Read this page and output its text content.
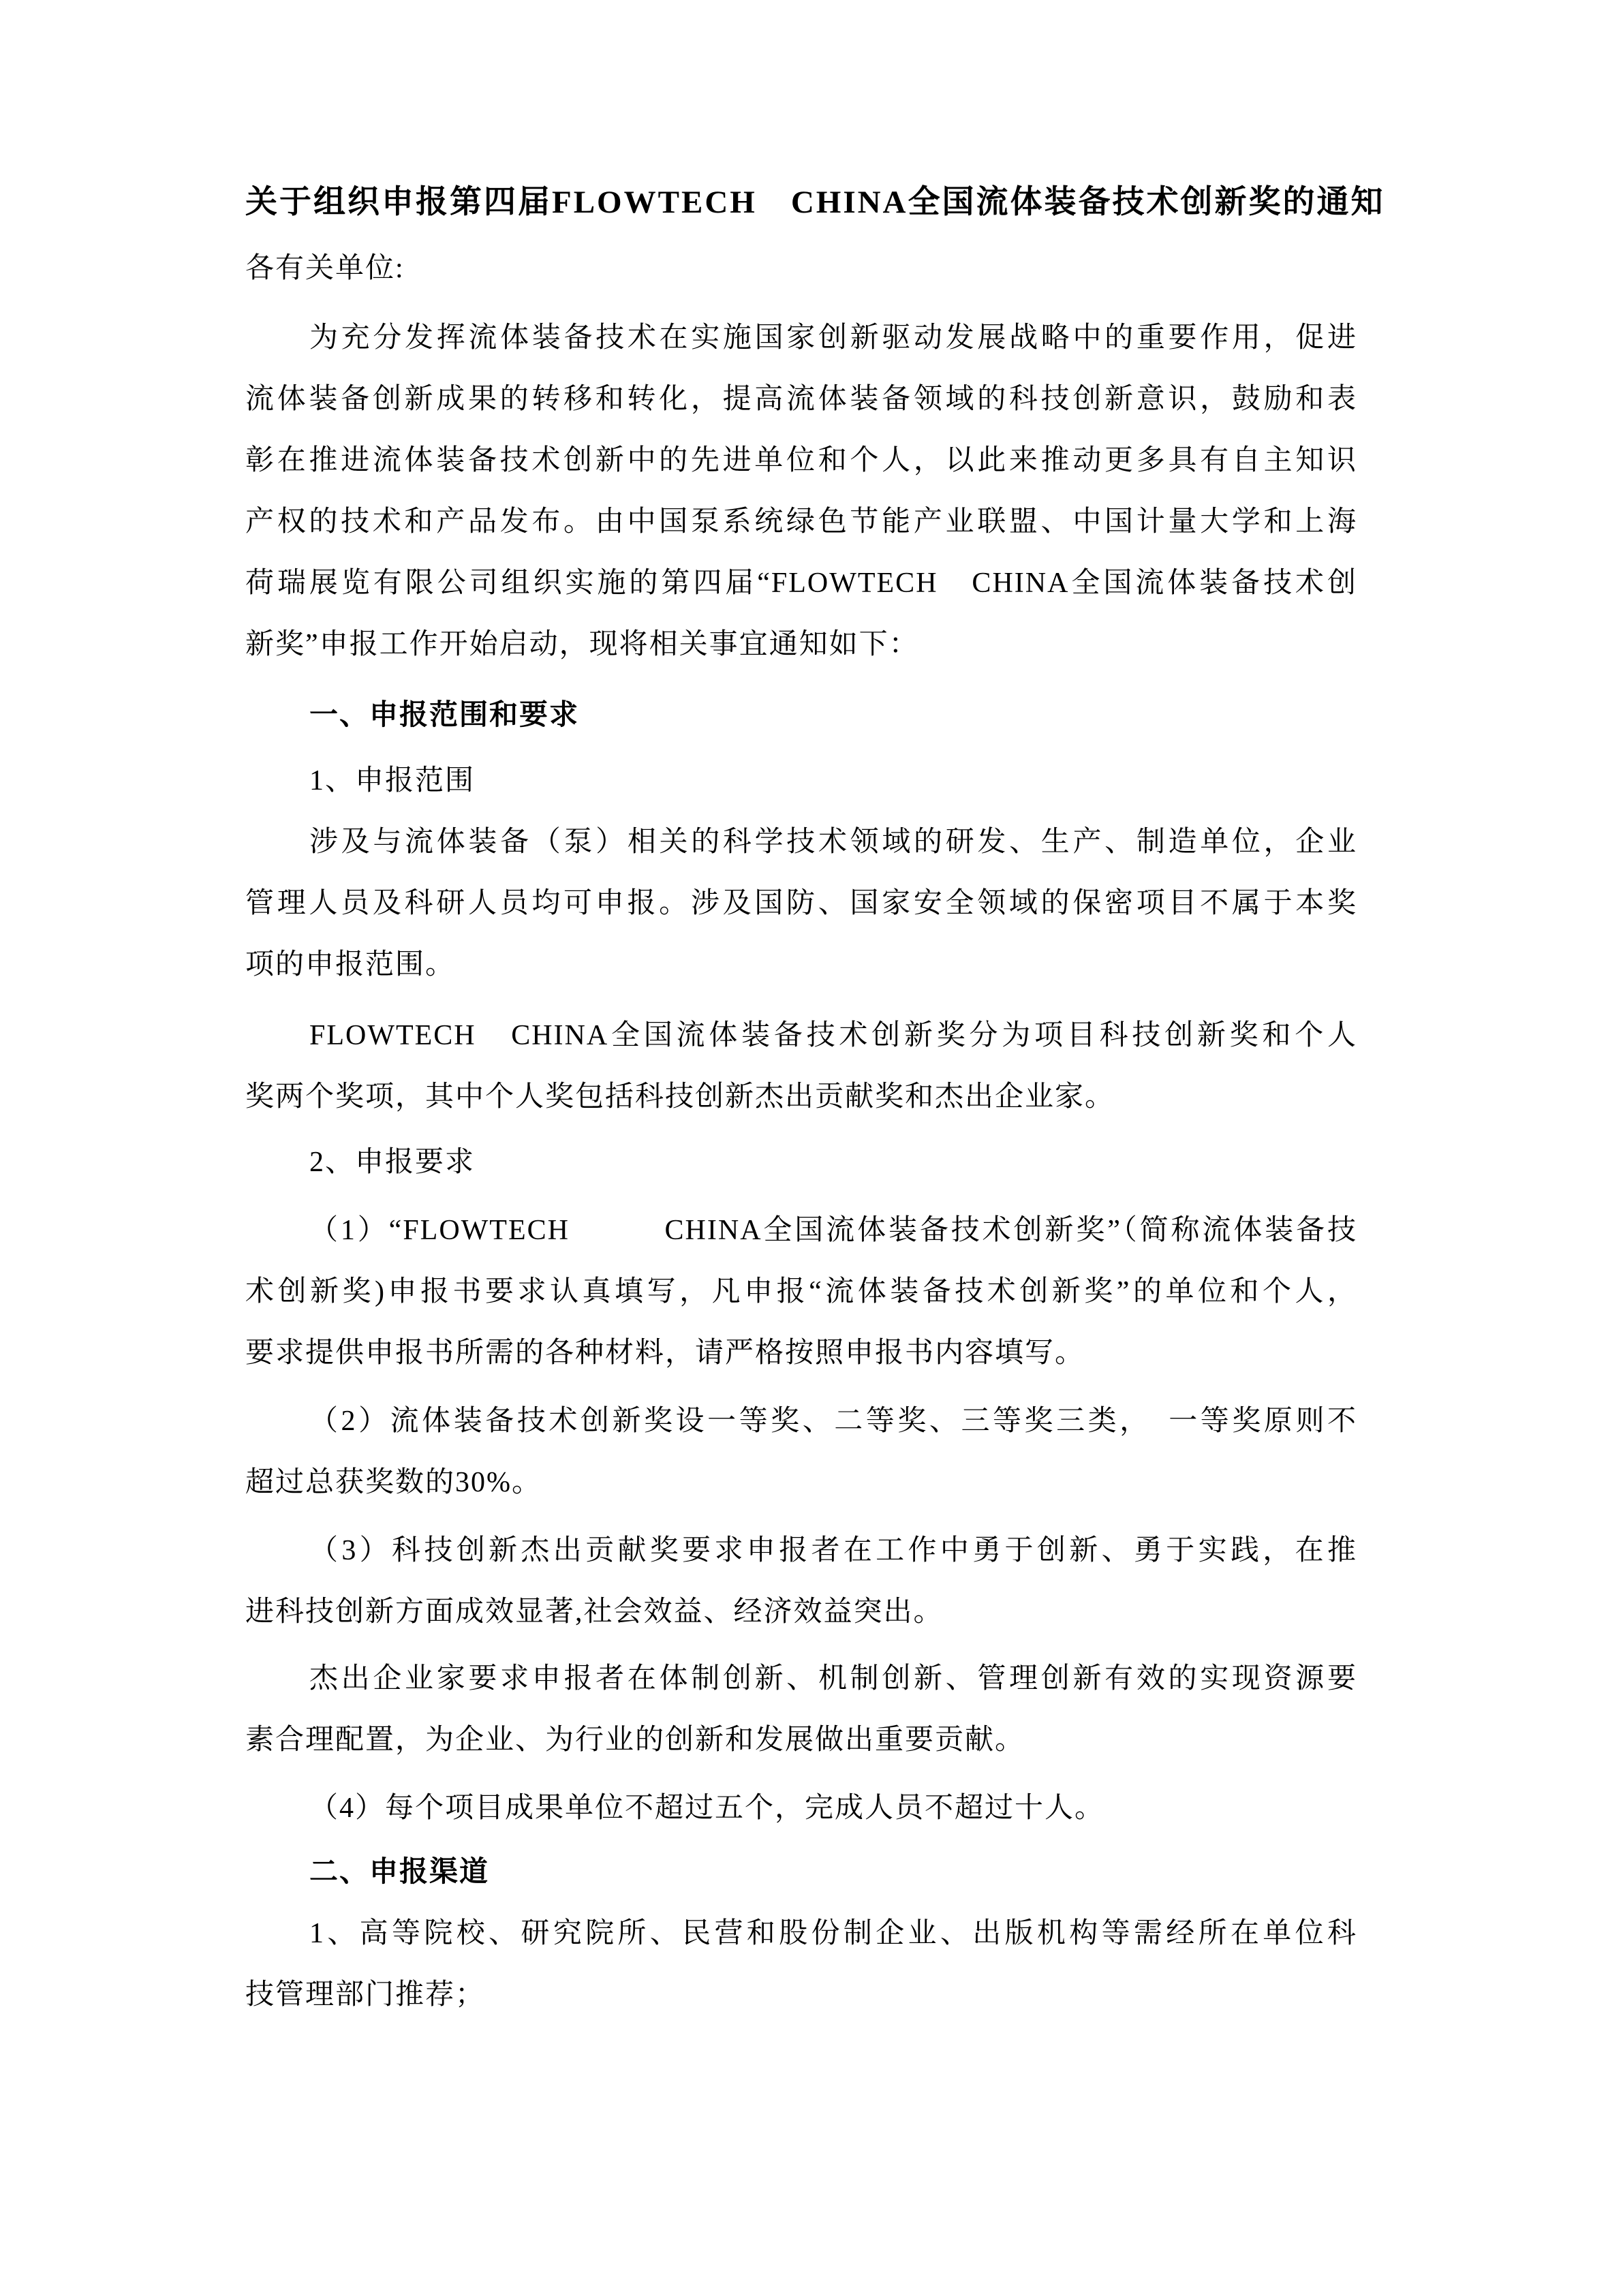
关于组织申报第四届FLOWTECH　CHINA全国流体装备技术创新奖的通知
各有关单位:
为充分发挥流体装备技术在实施国家创新驱动发展战略中的重要作用，促进
流体装备创新成果的转移和转化，提高流体装备领域的科技创新意识，鼓励和表
彰在推进流体装备技术创新中的先进单位和个人，以此来推动更多具有自主知识
产权的技术和产品发布。由中国泵系统绿色节能产业联盟、中国计量大学和上海
荷瑞展览有限公司组织实施的第四届“FLOWTECH　CHINA全国流体装备技术创
新奖”申报工作开始启动，现将相关事宜通知如下：
一、申报范围和要求
1、申报范围
涉及与流体装备（泵）相关的科学技术领域的研发、生产、制造单位，企业
管理人员及科研人员均可申报。涉及国防、国家安全领域的保密项目不属于本奖
项的申报范围。
FLOWTECH　CHINA全国流体装备技术创新奖分为项目科技创新奖和个人
奖两个奖项，其中个人奖包括科技创新杰出贡献奖和杰出企业家。
2、申报要求
（1）“FLOWTECH　　　CHINA全国流体装备技术创新奖”（简称流体装备技
术创新奖)申报书要求认真填写，凡申报“流体装备技术创新奖”的单位和个人，
要求提供申报书所需的各种材料，请严格按照申报书内容填写。
（2）流体装备技术创新奖设一等奖、二等奖、三等奖三类，　一等奖原则不
超过总获奖数的30%。
（3）科技创新杰出贡献奖要求申报者在工作中勇于创新、勇于实践，在推
进科技创新方面成效显著,社会效益、经济效益突出。
杰出企业家要求申报者在体制创新、机制创新、管理创新有效的实现资源要
素合理配置，为企业、为行业的创新和发展做出重要贡献。
（4）每个项目成果单位不超过五个，完成人员不超过十人。
二、申报渠道
1、高等院校、研究院所、民营和股份制企业、出版机构等需经所在单位科
技管理部门推荐；
